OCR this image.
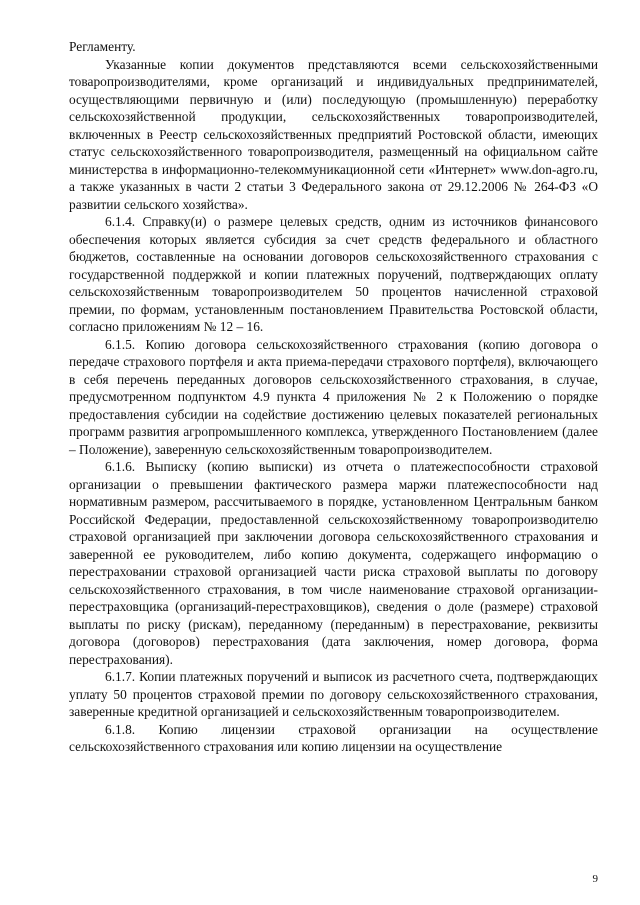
Регламенту.

Указанные копии документов представляются всеми сельскохозяйственными товаропроизводителями, кроме организаций и индивидуальных предпринимателей, осуществляющими первичную и (или) последующую (промышленную) переработку сельскохозяйственной продукции, сельскохозяйственных товаропроизводителей, включенных в Реестр сельскохозяйственных предприятий Ростовской области, имеющих статус сельскохозяйственного товаропроизводителя, размещенный на официальном сайте министерства в информационно-телекоммуникационной сети «Интернет» www.don-agro.ru, а также указанных в части 2 статьи 3 Федерального закона от 29.12.2006 № 264-ФЗ «О развитии сельского хозяйства».

6.1.4. Справку(и) о размере целевых средств, одним из источников финансового обеспечения которых является субсидия за счет средств федерального и областного бюджетов, составленные на основании договоров сельскохозяйственного страхования с государственной поддержкой и копии платежных поручений, подтверждающих оплату сельскохозяйственным товаропроизводителем 50 процентов начисленной страховой премии, по формам, установленным постановлением Правительства Ростовской области, согласно приложениям № 12 – 16.

6.1.5. Копию договора сельскохозяйственного страхования (копию договора о передаче страхового портфеля и акта приема-передачи страхового портфеля), включающего в себя перечень переданных договоров сельскохозяйственного страхования, в случае, предусмотренном подпунктом 4.9 пункта 4 приложения № 2 к Положению о порядке предоставления субсидии на содействие достижению целевых показателей региональных программ развития агропромышленного комплекса, утвержденного Постановлением (далее – Положение), заверенную сельскохозяйственным товаропроизводителем.

6.1.6. Выписку (копию выписки) из отчета о платежеспособности страховой организации о превышении фактического размера маржи платежеспособности над нормативным размером, рассчитываемого в порядке, установленном Центральным банком Российской Федерации, предоставленной сельскохозяйственному товаропроизводителю страховой организацией при заключении договора сельскохозяйственного страхования и заверенной ее руководителем, либо копию документа, содержащего информацию о перестраховании страховой организацией части риска страховой выплаты по договору сельскохозяйственного страхования, в том числе наименование страховой организации-перестраховщика (организаций-перестраховщиков), сведения о доле (размере) страховой выплаты по риску (рискам), переданному (переданным) в перестрахование, реквизиты договора (договоров) перестрахования (дата заключения, номер договора, форма перестрахования).

6.1.7. Копии платежных поручений и выписок из расчетного счета, подтверждающих уплату 50 процентов страховой премии по договору сельскохозяйственного страхования, заверенные кредитной организацией и сельскохозяйственным товаропроизводителем.

6.1.8. Копию лицензии страховой организации на осуществление сельскохозяйственного страхования или копию лицензии на осуществление

9
